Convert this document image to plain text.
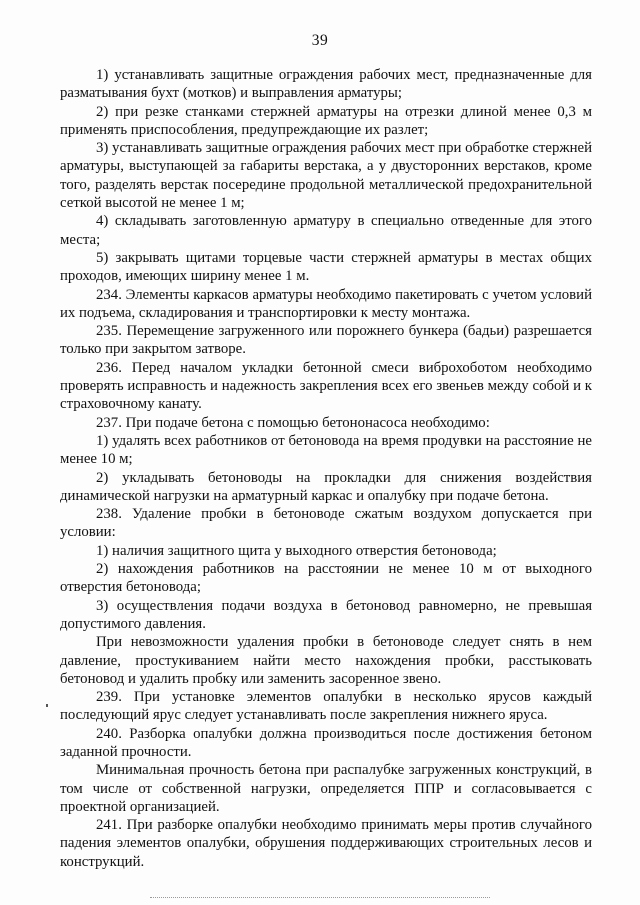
39

1) устанавливать защитные ограждения рабочих мест, предназначенные для разматывания бухт (мотков) и выправления арматуры;

2) при резке станками стержней арматуры на отрезки длиной менее 0,3 м применять приспособления, предупреждающие их разлет;

3) устанавливать защитные ограждения рабочих мест при обработке стержней арматуры, выступающей за габариты верстака, а у двусторонних верстаков, кроме того, разделять верстак посередине продольной металлической предохранительной сеткой высотой не менее 1 м;

4) складывать заготовленную арматуру в специально отведенные для этого места;

5) закрывать щитами торцевые части стержней арматуры в местах общих проходов, имеющих ширину менее 1 м.

234. Элементы каркасов арматуры необходимо пакетировать с учетом условий их подъема, складирования и транспортировки к месту монтажа.

235. Перемещение загруженного или порожнего бункера (бадьи) разрешается только при закрытом затворе.

236. Перед началом укладки бетонной смеси виброхоботом необходимо проверять исправность и надежность закрепления всех его звеньев между собой и к страховочному канату.

237. При подаче бетона с помощью бетононасоса необходимо:

1) удалять всех работников от бетоновода на время продувки на расстояние не менее 10 м;

2) укладывать бетоноводы на прокладки для снижения воздействия динамической нагрузки на арматурный каркас и опалубку при подаче бетона.

238. Удаление пробки в бетоноводе сжатым воздухом допускается при условии:

1) наличия защитного щита у выходного отверстия бетоновода;

2) нахождения работников на расстоянии не менее 10 м от выходного отверстия бетоновода;

3) осуществления подачи воздуха в бетоновод равномерно, не превышая допустимого давления.

При невозможности удаления пробки в бетоноводе следует снять в нем давление, простукиванием найти место нахождения пробки, расстыковать бетоновод и удалить пробку или заменить засоренное звено.

239. При установке элементов опалубки в несколько ярусов каждый последующий ярус следует устанавливать после закрепления нижнего яруса.

240. Разборка опалубки должна производиться после достижения бетоном заданной прочности.

Минимальная прочность бетона при распалубке загруженных конструкций, в том числе от собственной нагрузки, определяется ППР и согласовывается с проектной организацией.

241. При разборке опалубки необходимо принимать меры против случайного падения элементов опалубки, обрушения поддерживающих строительных лесов и конструкций.
